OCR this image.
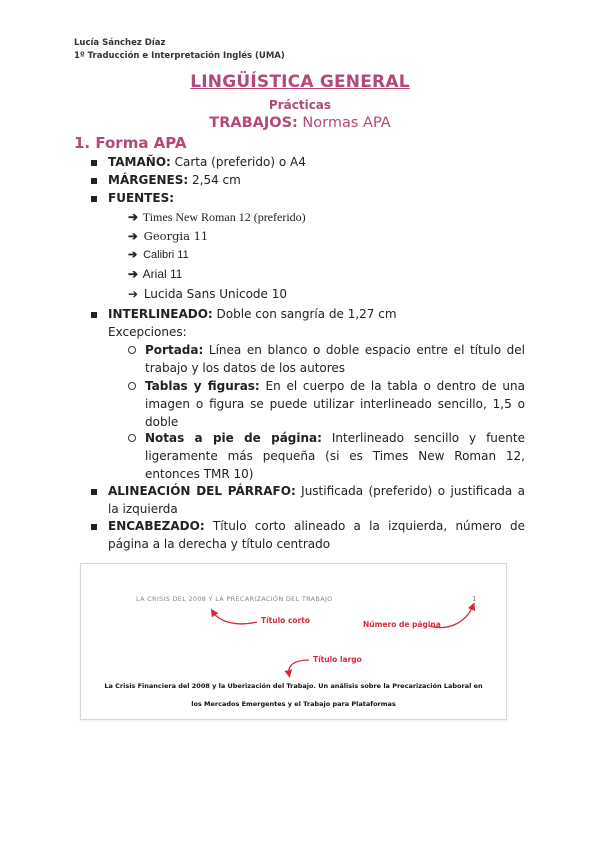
Lucía Sánchez Díaz
1º Traducción e Interpretación Inglés (UMA)
LINGÜÍSTICA GENERAL
Prácticas
TRABAJOS: Normas APA
1. Forma APA
TAMAÑO: Carta (preferido) o A4
MÁRGENES: 2,54 cm
FUENTES:
➔ Times New Roman 12 (preferido)
➔ Georgia 11
➔ Calibri 11
➔ Arial 11
➔ Lucida Sans Unicode 10
INTERLINEADO: Doble con sangría de 1,27 cm
Excepciones:
Portada: Línea en blanco o doble espacio entre el título del trabajo y los datos de los autores
Tablas y figuras: En el cuerpo de la tabla o dentro de una imagen o figura se puede utilizar interlineado sencillo, 1,5 o doble
Notas a pie de página: Interlineado sencillo y fuente ligeramente más pequeña (si es Times New Roman 12, entonces TMR 10)
ALINEACIÓN DEL PÁRRAFO: Justificada (preferido) o justificada a la izquierda
ENCABEZADO: Título corto alineado a la izquierda, número de página a la derecha y título centrado
LA CRISIS DEL 2008 Y LA PRECARIZACIÓN DEL TRABAJO	1
Título corto	Número de página
Título largo
La Crisis Financiera del 2008 y la Uberización del Trabajo. Un análisis sobre la Precarización Laboral en
los Mercados Emergentes y el Trabajo para Plataformas
